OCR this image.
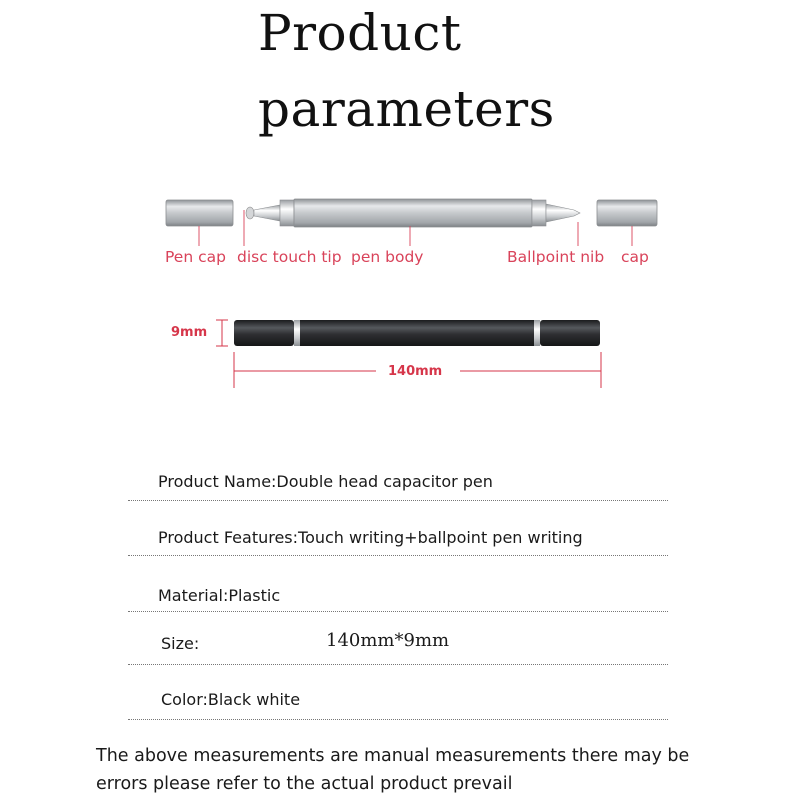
Product
parameters
Pen cap disc touch tip pen body	Ballpoint nib cap
9mm
140mm
Product Name:Double head capacitor pen
Product Features:Touch writing+ballpoint pen writing
Material:Plastic
Size:	140mm*9mm
Color:Black white
The above measurements are manual measurements there may be
errors please refer to the actual product prevail
